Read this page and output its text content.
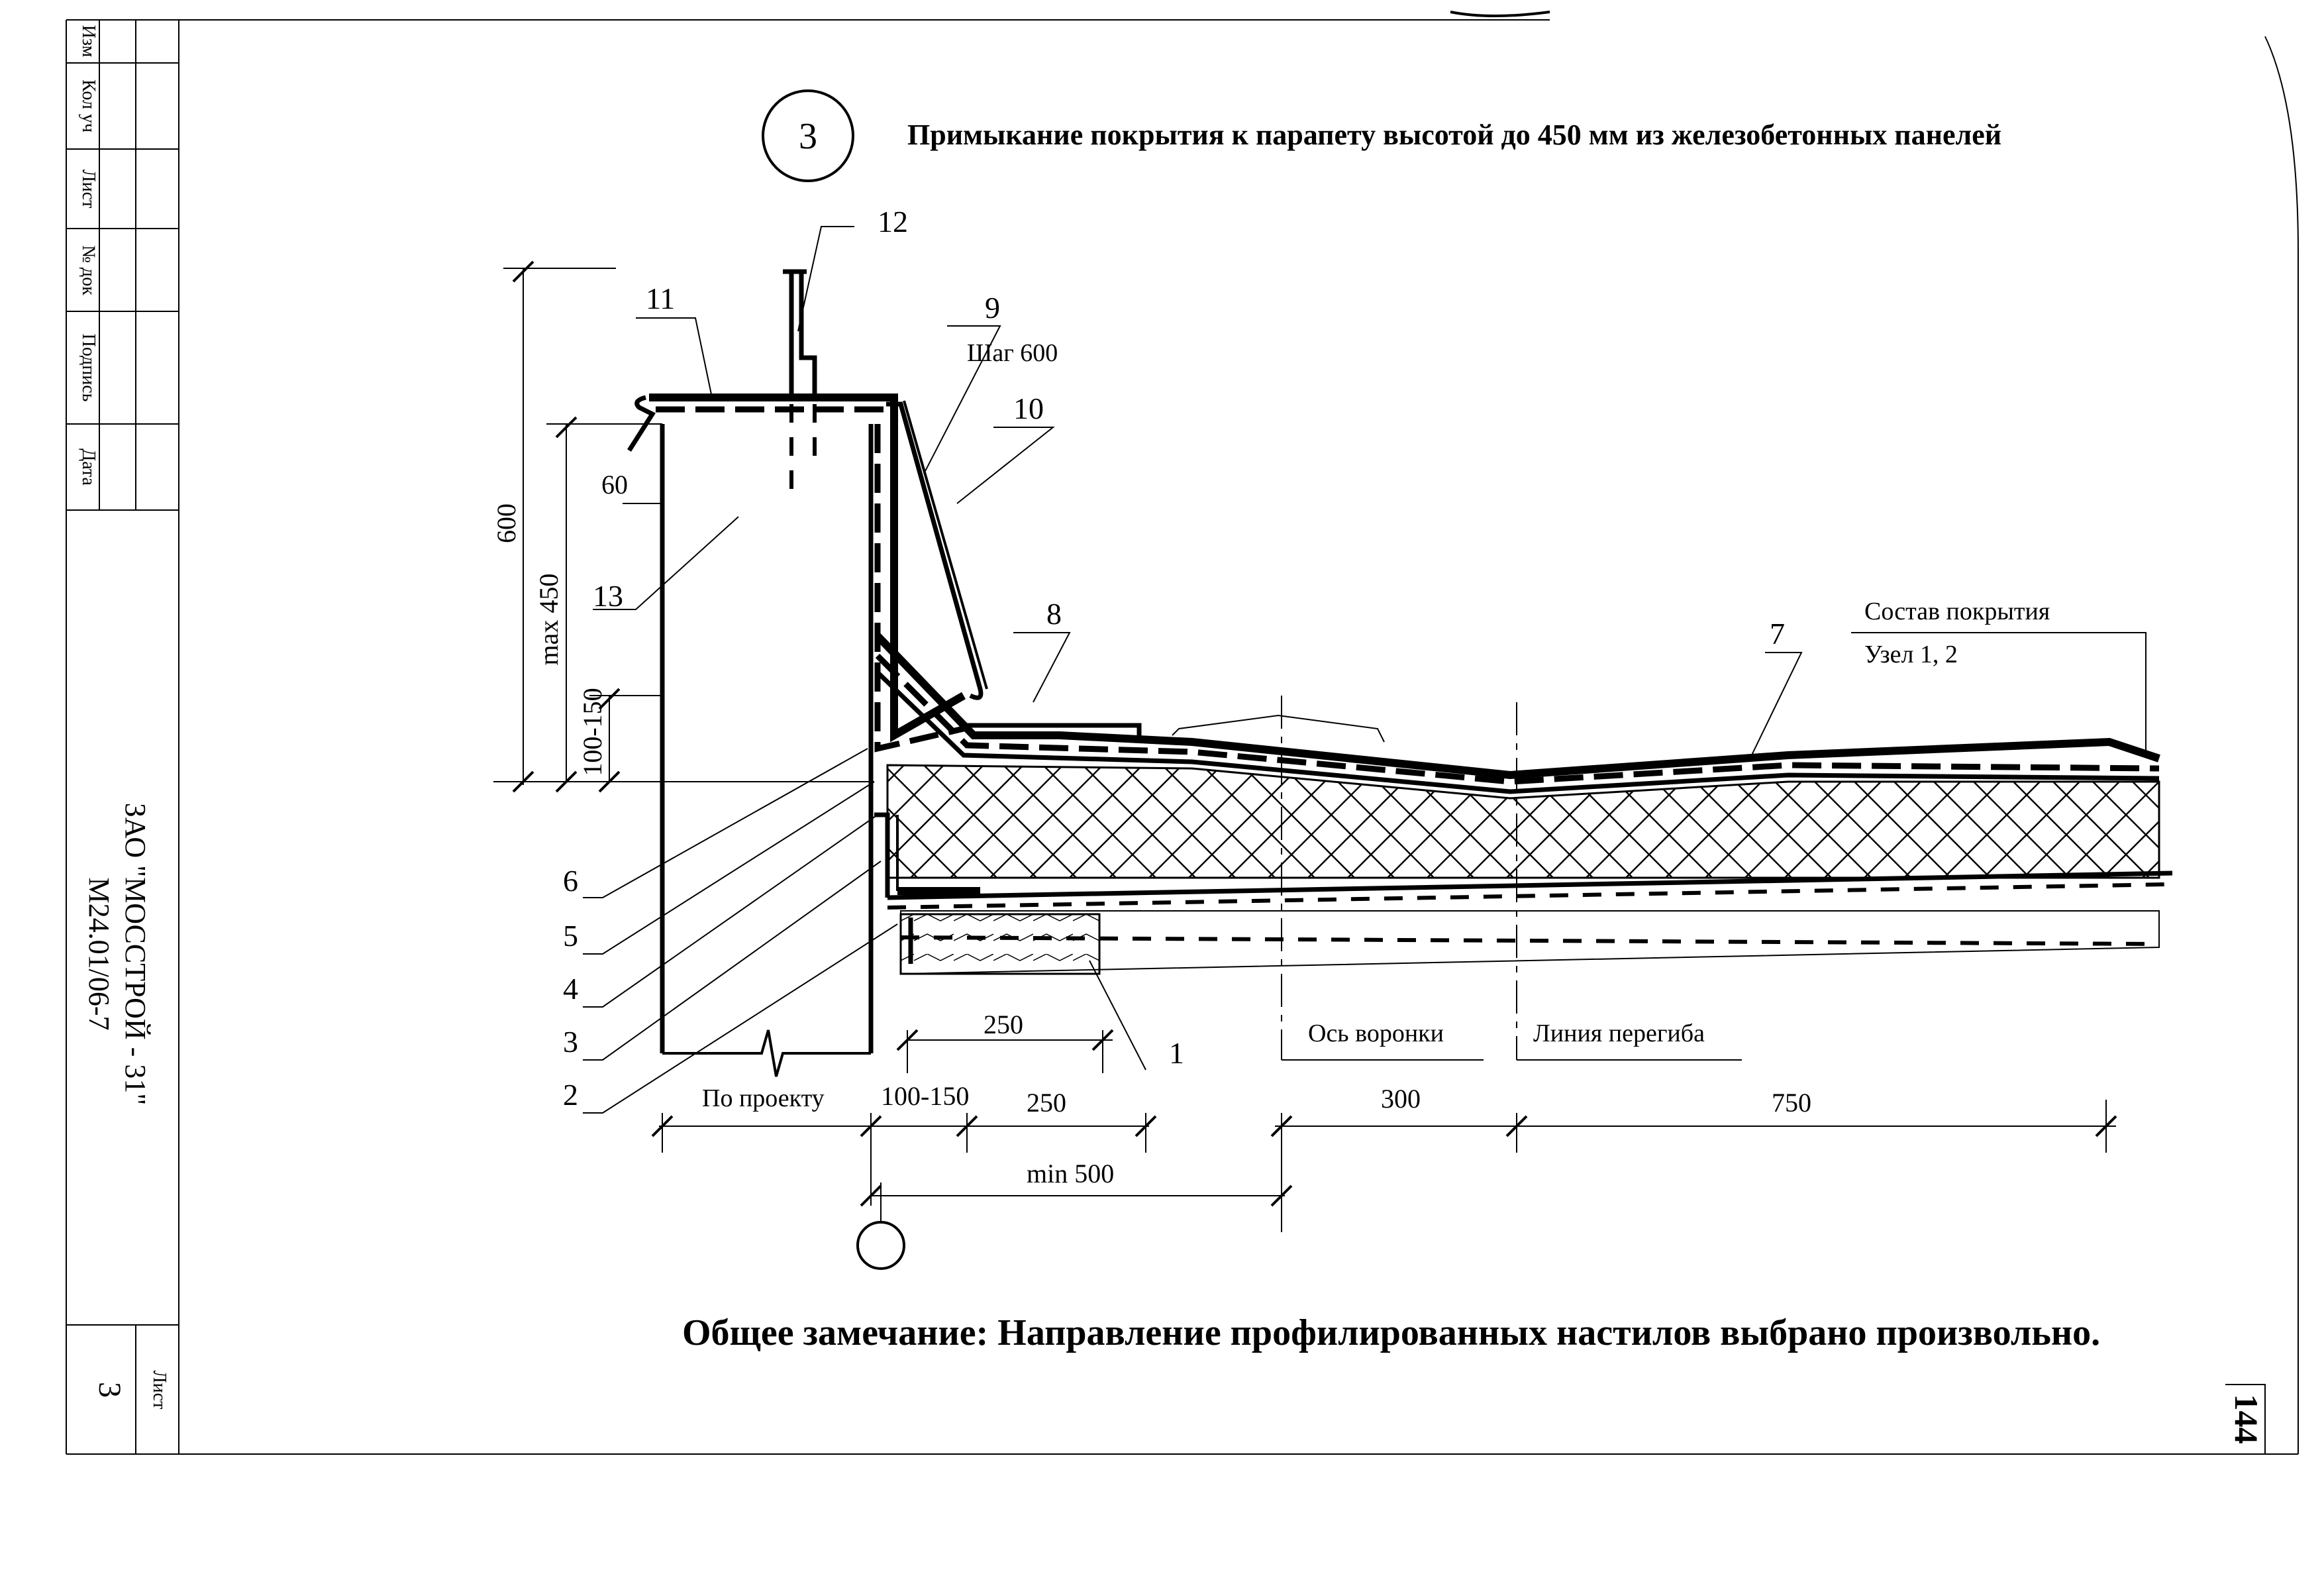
Изм
Кол уч
Лист
№ док
Подпись
Дата
ЗАО "МОССТРОЙ - 31"
М24.01/06-7
Лист
3
144
3	Примыкание покрытия к парапету высотой до 450 мм из железобетонных панелей
1
2
3
4
5
6
7
8
9
10
11
12
13
Шаг 600
Состав покрытия
Узел 1, 2
Ось воронки	Линия перегиба
По проекту
600
max 450
100-150
60
250
100-150 250	300	750
min 500
Общее замечание: Направление профилированных настилов выбрано произвольно.
